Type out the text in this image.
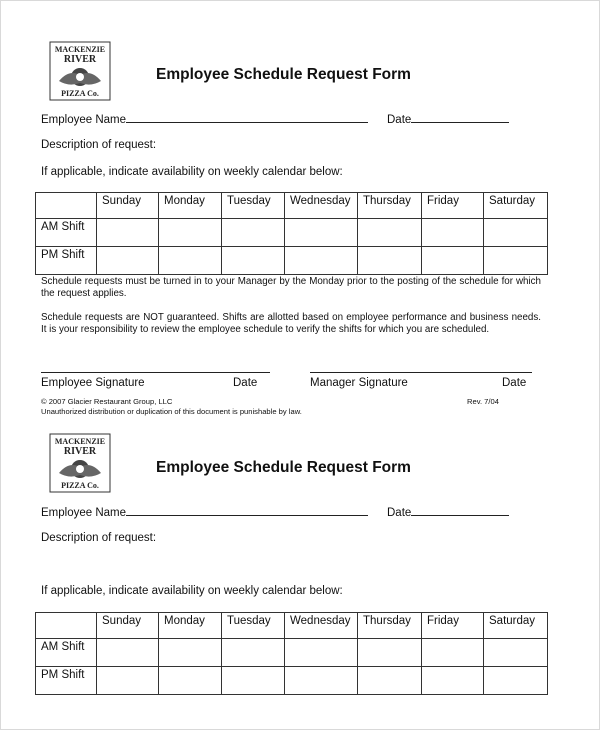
MACKENZIE
RIVER
PIZZA Co.
Employee Schedule Request Form
Employee Name	Date
Description of request:
If applicable, indicate availability on weekly calendar below:
	Sunday	Monday	Tuesday	Wednesday	Thursday	Friday	Saturday
AM Shift							
PM Shift							
Schedule requests must be turned in to your Manager by the Monday prior to the posting of the schedule for which the request applies.
Schedule requests are NOT guaranteed. Shifts are allotted based on employee performance and business needs. It is your responsibility to review the employee schedule to verify the shifts for which you are scheduled.
Employee Signature	Date	Manager Signature	Date
© 2007 Glacier Restaurant Group, LLC
Unauthorized distribution or duplication of this document is punishable by law.
Rev. 7/04
MACKENZIE
RIVER
PIZZA Co.
Employee Schedule Request Form
Employee Name	Date
Description of request:
If applicable, indicate availability on weekly calendar below:
	Sunday	Monday	Tuesday	Wednesday	Thursday	Friday	Saturday
AM Shift							
PM Shift							
